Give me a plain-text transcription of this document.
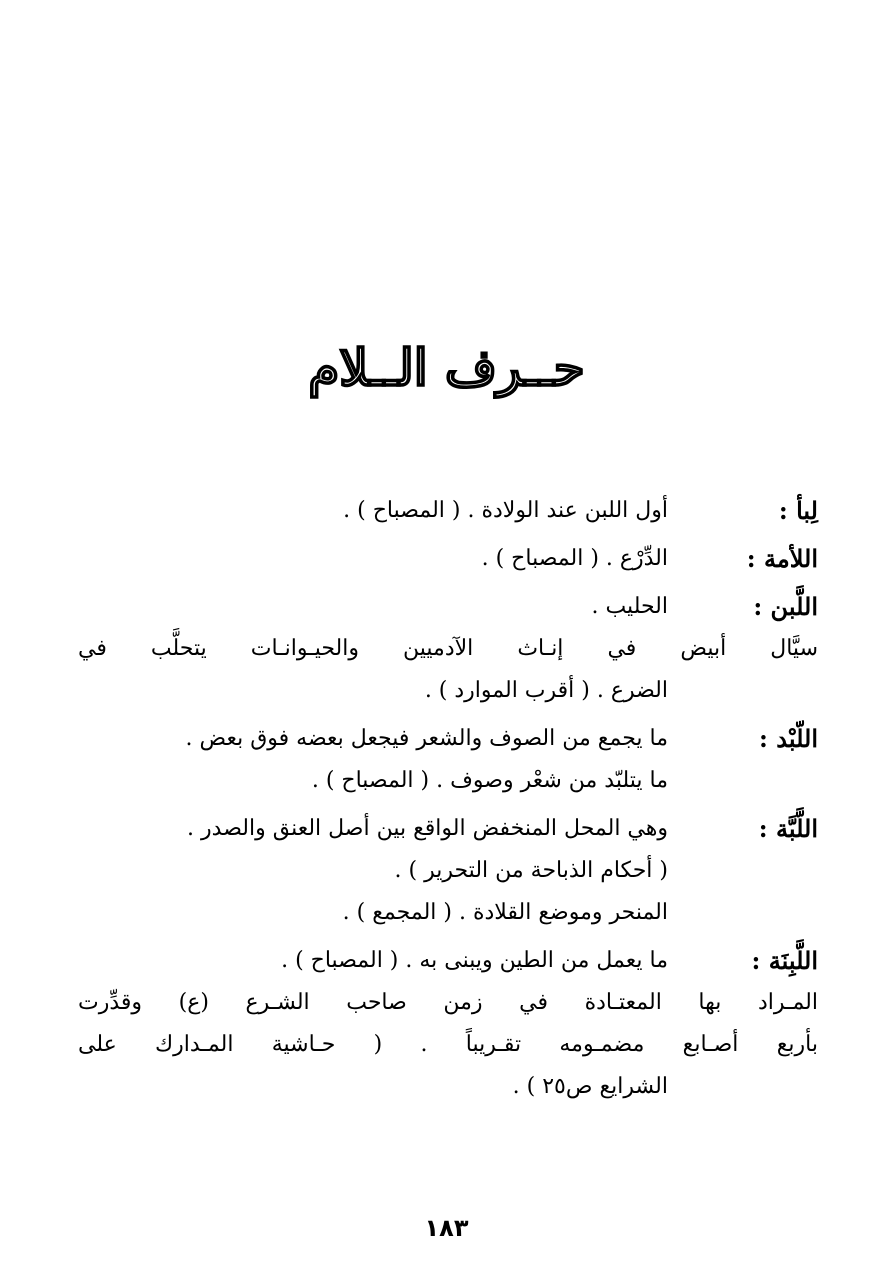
حــرف الــلام
لِبأ :
أول اللبن عند الولادة . ( المصباح ) .
اللأمة :
الدِّرْع . ( المصباح ) .
اللَّبن :
الحليب .
سيَّال أبيض في إنـاث الآدميين والحيـوانـات يتحلَّب في
الضرع . ( أقرب الموارد ) .
اللّبْد :
ما يجمع من الصوف والشعر فيجعل بعضه فوق بعض .
ما يتلبّد من شعْر وصوف . ( المصباح ) .
اللَّبَّة :
وهي المحل المنخفض الواقع بين أصل العنق والصدر .
( أحكام الذباحة من التحرير ) .
المنحر وموضع القلادة . ( المجمع ) .
اللَّبِنَة :
ما يعمل من الطين ويبنى به . ( المصباح ) .
المـراد بها المعتـادة في زمن صاحب الشـرع (ع) وقدِّرت
بأربع أصـابع مضمـومه تقـريباً . ( حـاشية المـدارك على
الشرايع ص٢٥ ) .
١٨٣
